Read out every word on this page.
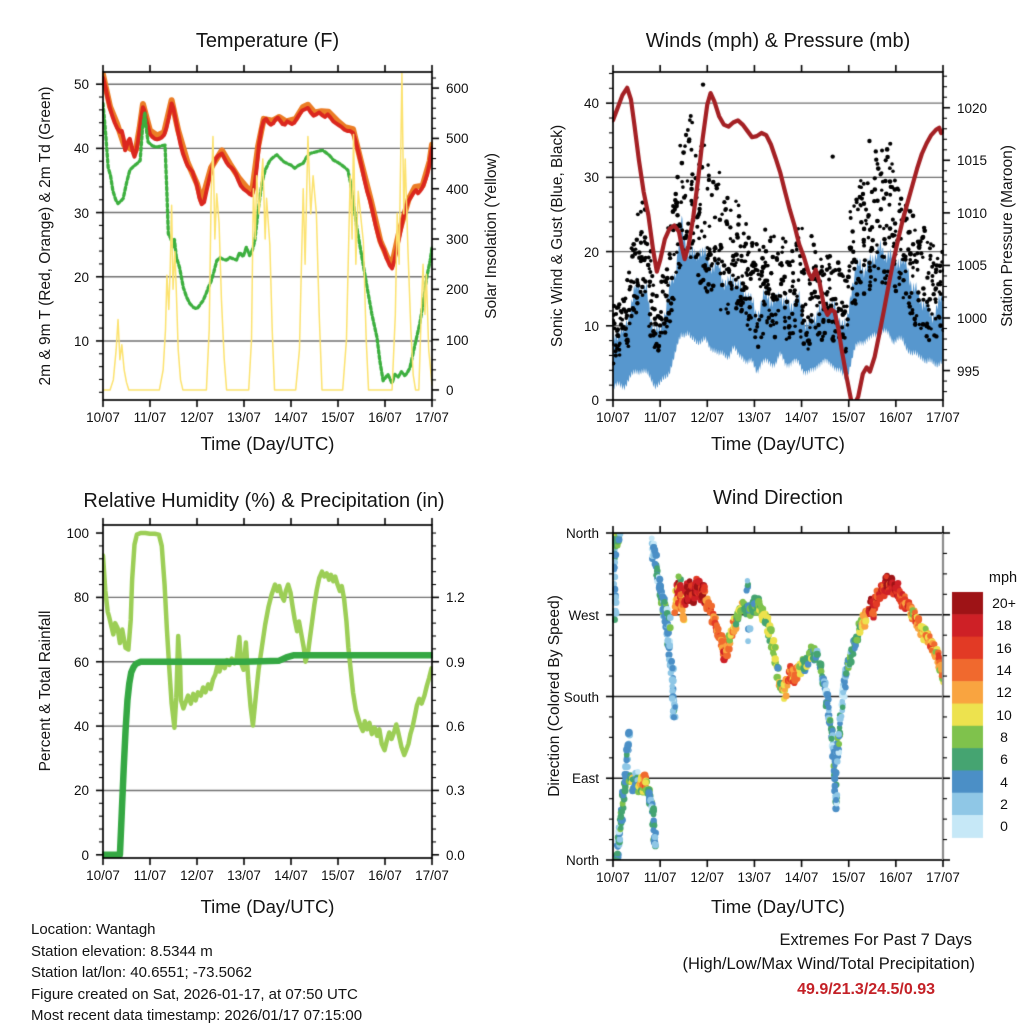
Temperature (F)	Winds (mph) & Pressure (mb)
Relative Humidity (%) & Precipitation (in)	Wind Direction
Time (Day/UTC)	Time (Day/UTC)
Time (Day/UTC)	Time (Day/UTC)
2m & 9m T (Red, Orange) & 2m Td (Green)	Solar Insolation (Yellow)	Sonic Wind & Gust (Blue, Black)	Station Pressure (Maroon)
Percent & Total Rainfall	Direction (Colored By Speed)
mph
20+
18
16
14
12
10
8
6
4
2
0
Location: Wantagh
Station elevation: 8.5344 m
Station lat/lon: 40.6551; -73.5062
Figure created on Sat, 2026-01-17, at 07:50 UTC
Most recent data timestamp: 2026/01/17 07:15:00
Extremes For Past 7 Days
(High/Low/Max Wind/Total Precipitation)
49.9/21.3/24.5/0.93
10/07	11/07	12/07 13/07 14/07 15/07 16/07 17/07
10
20
30
40
50
0
100
200
300
400
500
600
10/07	11/07	12/07 13/07 14/07 15/07 16/07 17/07
0
10
20
30
40
995
1000
1005
1010
1015
1020
10/07	11/07	12/07 13/07 14/07 15/07 16/07 17/07
0
20
40
60
80
100
0.0
0.3
0.6
0.9
1.2
10/07	11/07	12/07 13/07 14/07 15/07 16/07 17/07
North
East
South
West
North
